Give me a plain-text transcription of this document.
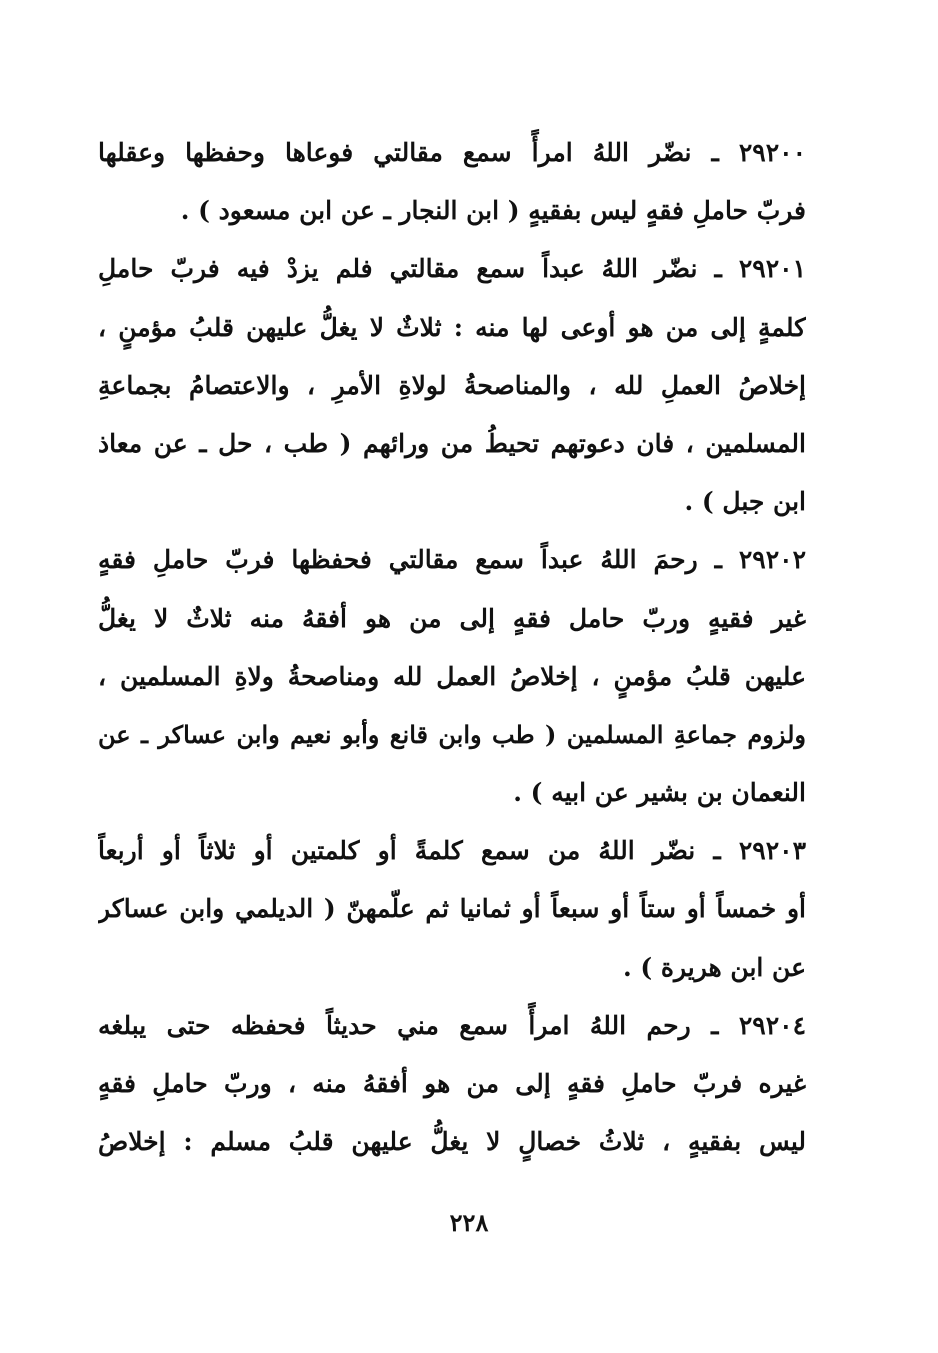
٢٩٢٠٠ ـ نضّر اللهُ امرأً سمع مقالتي فوعاها وحفظها وعقلها
فربّ حاملِ فقهٍ ليس بفقيهٍ ( ابن النجار ـ عن ابن مسعود ) .
٢٩٢٠١ ـ نضّر اللهُ عبداً سمع مقالتي فلم يزدْ فيه فربّ حاملِ
كلمةٍ إلى من هو أوعى لها منه : ثلاثٌ لا يغلُّ عليهن قلبُ مؤمنٍ ،
إخلاصُ العملِ لله ، والمناصحةُ لولاةِ الأمرِ ، والاعتصامُ بجماعةِ
المسلمين ، فان دعوتهم تحيطُ من ورائهم ( طب ، حل ـ عن معاذ
ابن جبل ) .
٢٩٢٠٢ ـ رحمَ اللهُ عبداً سمع مقالتي فحفظها فربّ حاملِ فقهٍ
غير فقيهٍ وربّ حامل فقهٍ إلى من هو أفقهُ منه ثلاثٌ لا يغلُّ
عليهن قلبُ مؤمنٍ ، إخلاصُ العمل لله ومناصحةُ ولاةِ المسلمين ،
ولزوم جماعةِ المسلمين ( طب وابن قانع وأبو نعيم وابن عساكر ـ عن
النعمان بن بشير عن ابيه ) .
٢٩٢٠٣ ـ نضّر اللهُ من سمع كلمةً أو كلمتين أو ثلاثاً أو أربعاً
أو خمساً أو ستاً أو سبعاً أو ثمانيا ثم علّمهنّ ( الديلمي وابن عساكر
عن ابن هريرة ) .
٢٩٢٠٤ ـ رحم اللهُ امرأً سمع مني حديثاً فحفظه حتى يبلغه
غيره فربّ حاملِ فقهٍ إلى من هو أفقهُ منه ، وربّ حاملِ فقهٍ
ليس بفقيهٍ ، ثلاثُ خصالٍ لا يغلُّ عليهن قلبُ مسلم : إخلاصُ
٢٢٨
